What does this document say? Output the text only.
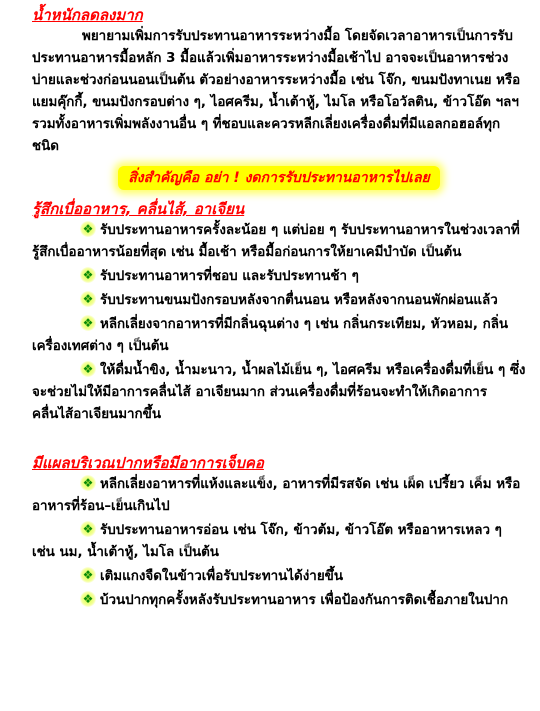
น้ำหนักลดลงมาก

พยายามเพิ่มการรับประทานอาหารระหว่างมื้อ โดยจัดเวลาอาหารเป็นการรับประทานอาหารมื้อหลัก 3 มื้อแล้วเพิ่มอาหารระหว่างมื้อเช้าไป อาจจะเป็นอาหารช่วงบ่ายและช่วงก่อนนอนเป็นต้น ตัวอย่างอาหารระหว่างมื้อ เช่น โจ๊ก, ขนมปังทาเนย หรือแยมคุ๊กกี้, ขนมปังกรอบต่าง ๆ, ไอศครีม, น้ำเต้าหู้, ไมโล หรือโอวัลติน, ข้าวโอ๊ต ฯลฯ รวมทั้งอาหารเพิ่มพลังงานอื่น ๆ ที่ชอบและควรหลีกเลี่ยงเครื่องดื่มที่มีแอลกอฮอล์ทุกชนิด

สิ่งสำคัญคือ อย่า ! งดการรับประทานอาหารไปเลย

รู้สึกเบื่ออาหาร, คลื่นไส้, อาเจียน

❖ รับประทานอาหารครั้งละน้อย ๆ แต่บ่อย ๆ รับประทานอาหารในช่วงเวลาที่รู้สึกเบื่ออาหารน้อยที่สุด เช่น มื้อเช้า หรือมื้อก่อนการให้ยาเคมีบำบัด เป็นต้น
❖ รับประทานอาหารที่ชอบ และรับประทานช้า ๆ
❖ รับประทานขนมปังกรอบหลังจากตื่นนอน หรือหลังจากนอนพักผ่อนแล้ว
❖ หลีกเลี่ยงจากอาหารที่มีกลิ่นฉุนต่าง ๆ เช่น กลิ่นกระเทียม, หัวหอม, กลิ่นเครื่องเทศต่าง ๆ เป็นต้น
❖ ให้ดื่มน้ำขิง, น้ำมะนาว, น้ำผลไม้เย็น ๆ, ไอศครีม หรือเครื่องดื่มที่เย็น ๆ ซึ่งจะช่วยไม่ให้มีอาการคลื่นไส้ อาเจียนมาก ส่วนเครื่องดื่มที่ร้อนจะทำให้เกิดอาการคลื่นไส้อาเจียนมากขึ้น

มีแผลบริเวณปากหรือมีอาการเจ็บคอ

❖ หลีกเลี่ยงอาหารที่แห้งและแข็ง, อาหารที่มีรสจัด เช่น เผ็ด เปรี้ยว เค็ม หรืออาหารที่ร้อน–เย็นเกินไป
❖ รับประทานอาหารอ่อน เช่น โจ๊ก, ข้าวต้ม, ข้าวโอ๊ต หรืออาหารเหลว ๆ เช่น นม, น้ำเต้าหู้, ไมโล เป็นต้น
❖ เติมแกงจืดในข้าวเพื่อรับประทานได้ง่ายขึ้น
❖ บ้วนปากทุกครั้งหลังรับประทานอาหาร เพื่อป้องกันการติดเชื้อภายในปาก
